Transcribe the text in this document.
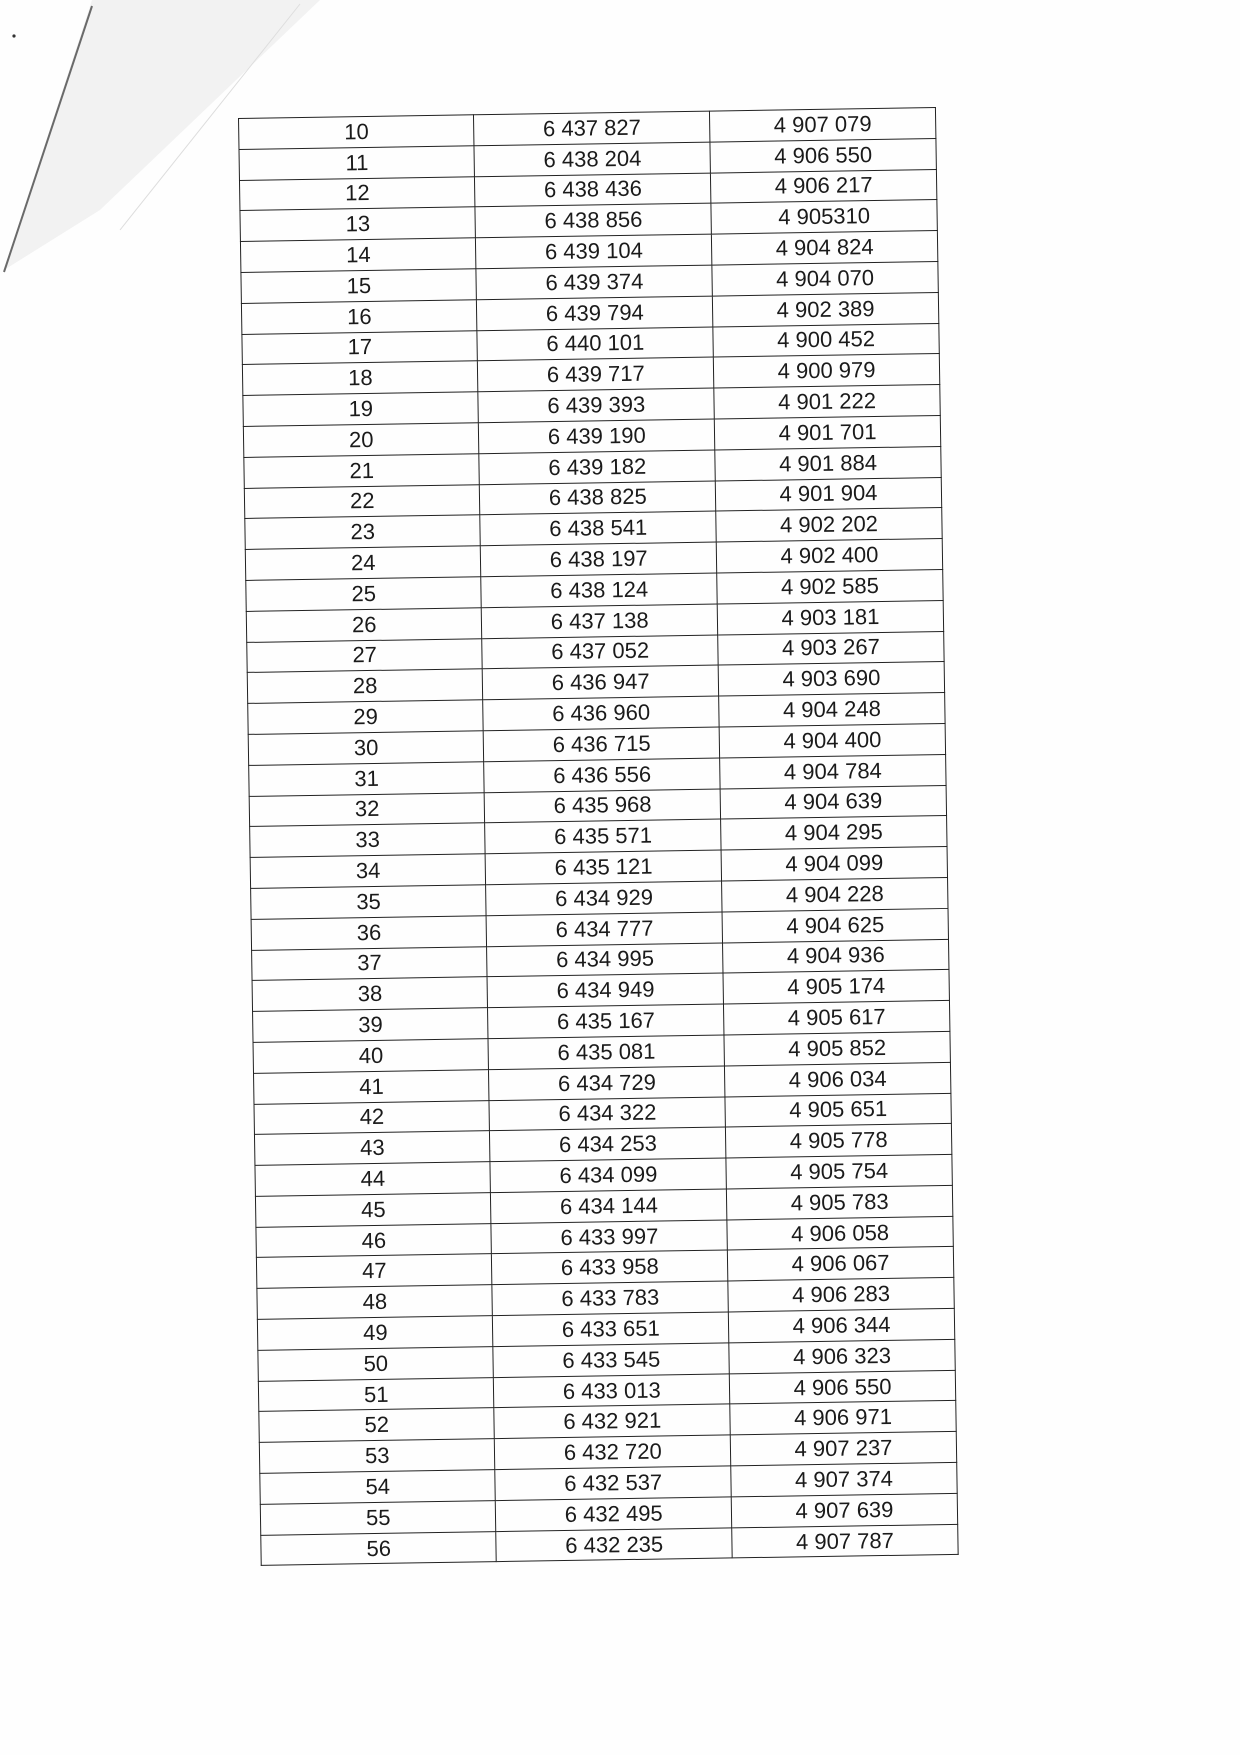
10	6 437 827	4 907 079
11	6 438 204	4 906 550
12	6 438 436	4 906 217
13	6 438 856	4 905310
14	6 439 104	4 904 824
15	6 439 374	4 904 070
16	6 439 794	4 902 389
17	6 440 101	4 900 452
18	6 439 717	4 900 979
19	6 439 393	4 901 222
20	6 439 190	4 901 701
21	6 439 182	4 901 884
22	6 438 825	4 901 904
23	6 438 541	4 902 202
24	6 438 197	4 902 400
25	6 438 124	4 902 585
26	6 437 138	4 903 181
27	6 437 052	4 903 267
28	6 436 947	4 903 690
29	6 436 960	4 904 248
30	6 436 715	4 904 400
31	6 436 556	4 904 784
32	6 435 968	4 904 639
33	6 435 571	4 904 295
34	6 435 121	4 904 099
35	6 434 929	4 904 228
36	6 434 777	4 904 625
37	6 434 995	4 904 936
38	6 434 949	4 905 174
39	6 435 167	4 905 617
40	6 435 081	4 905 852
41	6 434 729	4 906 034
42	6 434 322	4 905 651
43	6 434 253	4 905 778
44	6 434 099	4 905 754
45	6 434 144	4 905 783
46	6 433 997	4 906 058
47	6 433 958	4 906 067
48	6 433 783	4 906 283
49	6 433 651	4 906 344
50	6 433 545	4 906 323
51	6 433 013	4 906 550
52	6 432 921	4 906 971
53	6 432 720	4 907 237
54	6 432 537	4 907 374
55	6 432 495	4 907 639
56	6 432 235	4 907 787
